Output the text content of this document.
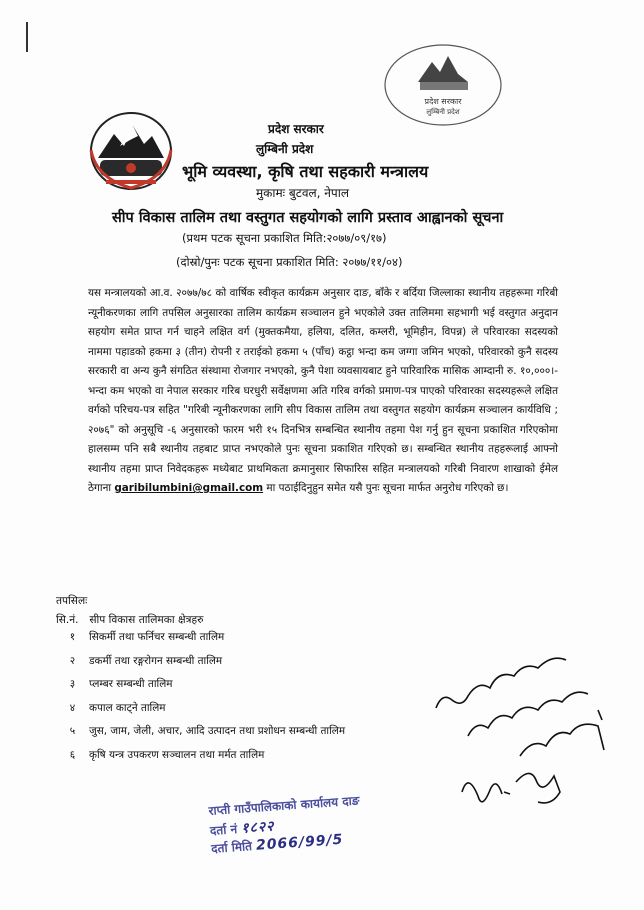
प्रदेश सरकार
लुम्बिनी प्रदेश
प्रदेश सरकार
लुम्बिनी प्रदेश
भूमि व्यवस्था, कृषि तथा सहकारी मन्त्रालय
मुकामः बुटवल, नेपाल
सीप विकास तालिम तथा वस्तुगत सहयोगको लागि प्रस्ताव आह्वानको सूचना
(प्रथम पटक सूचना प्रकाशित मिति:२०७७/०९/१७)
(दोस्रो/पुनः पटक सूचना प्रकाशित मिति: २०७७/११/०४)
यस मन्त्रालयको आ.व. २०७७/७८ को वार्षिक स्वीकृत कार्यक्रम अनुसार दाङ, बाँके र बर्दिया जिल्लाका स्थानीय तहहरूमा गरिबी न्यूनीकरणका लागि तपसिल अनुसारका तालिम कार्यक्रम सञ्चालन हुने भएकोले उक्त तालिममा सहभागी भई वस्तुगत अनुदान सहयोग समेत प्राप्त गर्न चाहने लक्षित वर्ग (मुक्तकमैया, हलिया, दलित, कम्लरी, भूमिहीन, विपन्न) ले परिवारका सदस्यको नाममा पहाडको हकमा ३ (तीन) रोपनी र तराईको हकमा ५ (पाँच) कट्ठा भन्दा कम जग्गा जमिन भएको, परिवारको कुनै सदस्य सरकारी वा अन्य कुनै संगठित संस्थामा रोजगार नभएको, कुनै पेशा व्यवसायबाट हुने पारिवारिक मासिक आम्दानी रु. १०,०००।- भन्दा कम भएको वा नेपाल सरकार गरिब घरधुरी सर्वेक्षणमा अति गरिब वर्गको प्रमाण-पत्र पाएको परिवारका सदस्यहरूले लक्षित वर्गको परिचय-पत्र सहित "गरिबी न्यूनीकरणका लागि सीप विकास तालिम तथा वस्तुगत सहयोग कार्यक्रम सञ्चालन कार्यविधि ; २०७६" को अनुसूचि -६ अनुसारको फारम भरी १५ दिनभित्र सम्बन्धित स्थानीय तहमा पेश गर्नु हुन सूचना प्रकाशित गरिएकोमा हालसम्म पनि सबै स्थानीय तहबाट प्राप्त नभएकोले पुनः सूचना प्रकाशित गरिएको छ। सम्बन्धित स्थानीय तहहरूलाई आफ्नो स्थानीय तहमा प्राप्त निवेदकहरू मध्येबाट प्राथमिकता क्रमानुसार सिफारिस सहित मन्त्रालयको गरिबी निवारण शाखाको ईमेल ठेगाना garibilumbini@gmail.com मा पठाईदिनुहुन समेत यसै पुनः सूचना मार्फत अनुरोध गरिएको छ।
तपसिलः
सि.नं. सीप विकास तालिमका क्षेत्रहरु
१ सिकर्मी तथा फर्निचर सम्बन्धी तालिम
२ डकर्मी तथा रङ्गरोगन सम्बन्धी तालिम
३ प्लम्बर सम्बन्धी तालिम
४ कपाल काट्ने तालिम
५ जुस, जाम, जेली, अचार, आदि उत्पादन तथा प्रशोधन सम्बन्धी तालिम
६ कृषि यन्त्र उपकरण सञ्चालन तथा मर्मत तालिम
राप्ती गाउँपालिकाको कार्यालय दाङ
दर्ता नं १८२२
दर्ता मिति 2066/99/5
